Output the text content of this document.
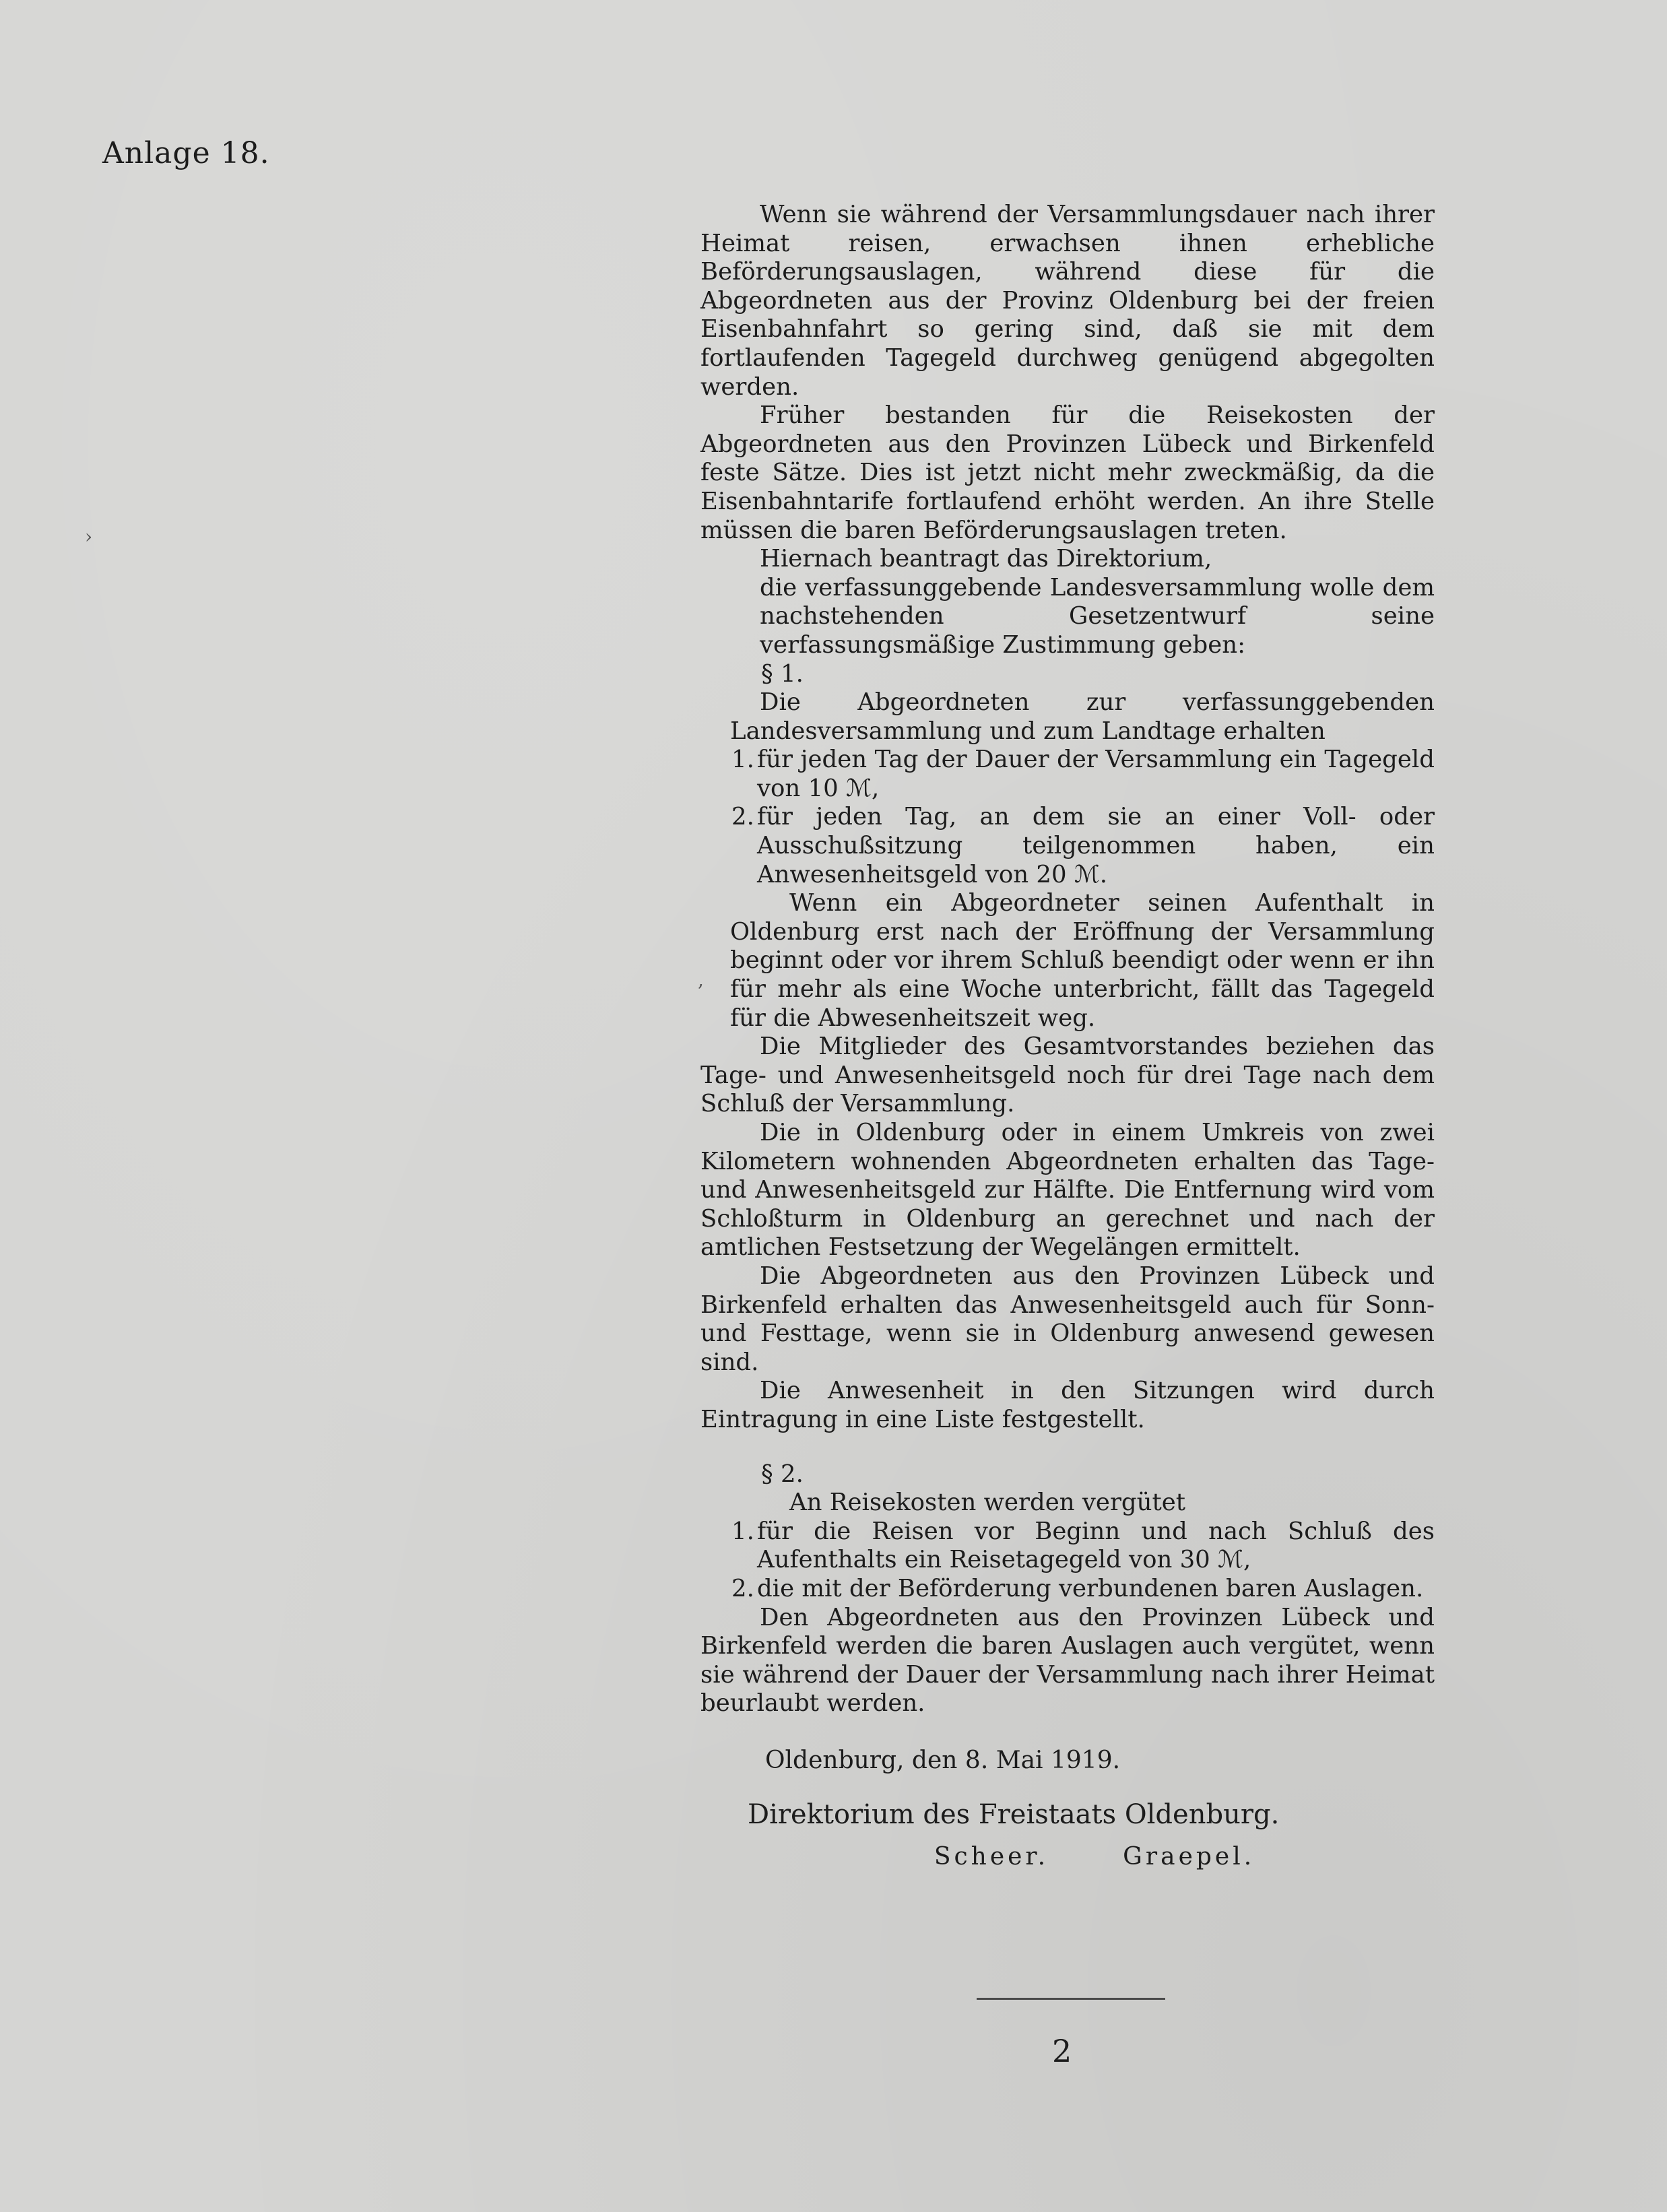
Anlage 18.

Wenn sie während der Versammlungsdauer nach ihrer Heimat reisen, erwachsen ihnen erhebliche Beförderungsauslagen, während diese für die Abgeordneten aus der Provinz Oldenburg bei der freien Eisenbahnfahrt so gering sind, daß sie mit dem fortlaufenden Tagegeld durchweg genügend abgegolten werden.

Früher bestanden für die Reisekosten der Abgeordneten aus den Provinzen Lübeck und Birkenfeld feste Sätze. Dies ist jetzt nicht mehr zweckmäßig, da die Eisenbahntarife fortlaufend erhöht werden. An ihre Stelle müssen die baren Beförderungsauslagen treten.

Hiernach beantragt das Direktorium,

die verfassunggebende Landesversammlung wolle dem nachstehenden Gesetzentwurf seine verfassungsmäßige Zustimmung geben:

§ 1.

Die Abgeordneten zur verfassunggebenden Landesversammlung und zum Landtage erhalten

1. für jeden Tag der Dauer der Versammlung ein Tagegeld von 10 ℳ,
2. für jeden Tag, an dem sie an einer Voll- oder Ausschußsitzung teilgenommen haben, ein Anwesenheitsgeld von 20 ℳ.

Wenn ein Abgeordneter seinen Aufenthalt in Oldenburg erst nach der Eröffnung der Versammlung beginnt oder vor ihrem Schluß beendigt oder wenn er ihn für mehr als eine Woche unterbricht, fällt das Tagegeld für die Abwesenheitszeit weg.

Die Mitglieder des Gesamtvorstandes beziehen das Tage- und Anwesenheitsgeld noch für drei Tage nach dem Schluß der Versammlung.

Die in Oldenburg oder in einem Umkreis von zwei Kilometern wohnenden Abgeordneten erhalten das Tage- und Anwesenheitsgeld zur Hälfte. Die Entfernung wird vom Schloßturm in Oldenburg an gerechnet und nach der amtlichen Festsetzung der Wegelängen ermittelt.

Die Abgeordneten aus den Provinzen Lübeck und Birkenfeld erhalten das Anwesenheitsgeld auch für Sonn- und Festtage, wenn sie in Oldenburg anwesend gewesen sind.

Die Anwesenheit in den Sitzungen wird durch Eintragung in eine Liste festgestellt.

§ 2.

An Reisekosten werden vergütet

1. für die Reisen vor Beginn und nach Schluß des Aufenthalts ein Reisetagegeld von 30 ℳ,
2. die mit der Beförderung verbundenen baren Auslagen.

Den Abgeordneten aus den Provinzen Lübeck und Birkenfeld werden die baren Auslagen auch vergütet, wenn sie während der Dauer der Versammlung nach ihrer Heimat beurlaubt werden.

Oldenburg, den 8. Mai 1919.

Direktorium des Freistaats Oldenburg.

Scheer.	Graepel.
2
›
,
